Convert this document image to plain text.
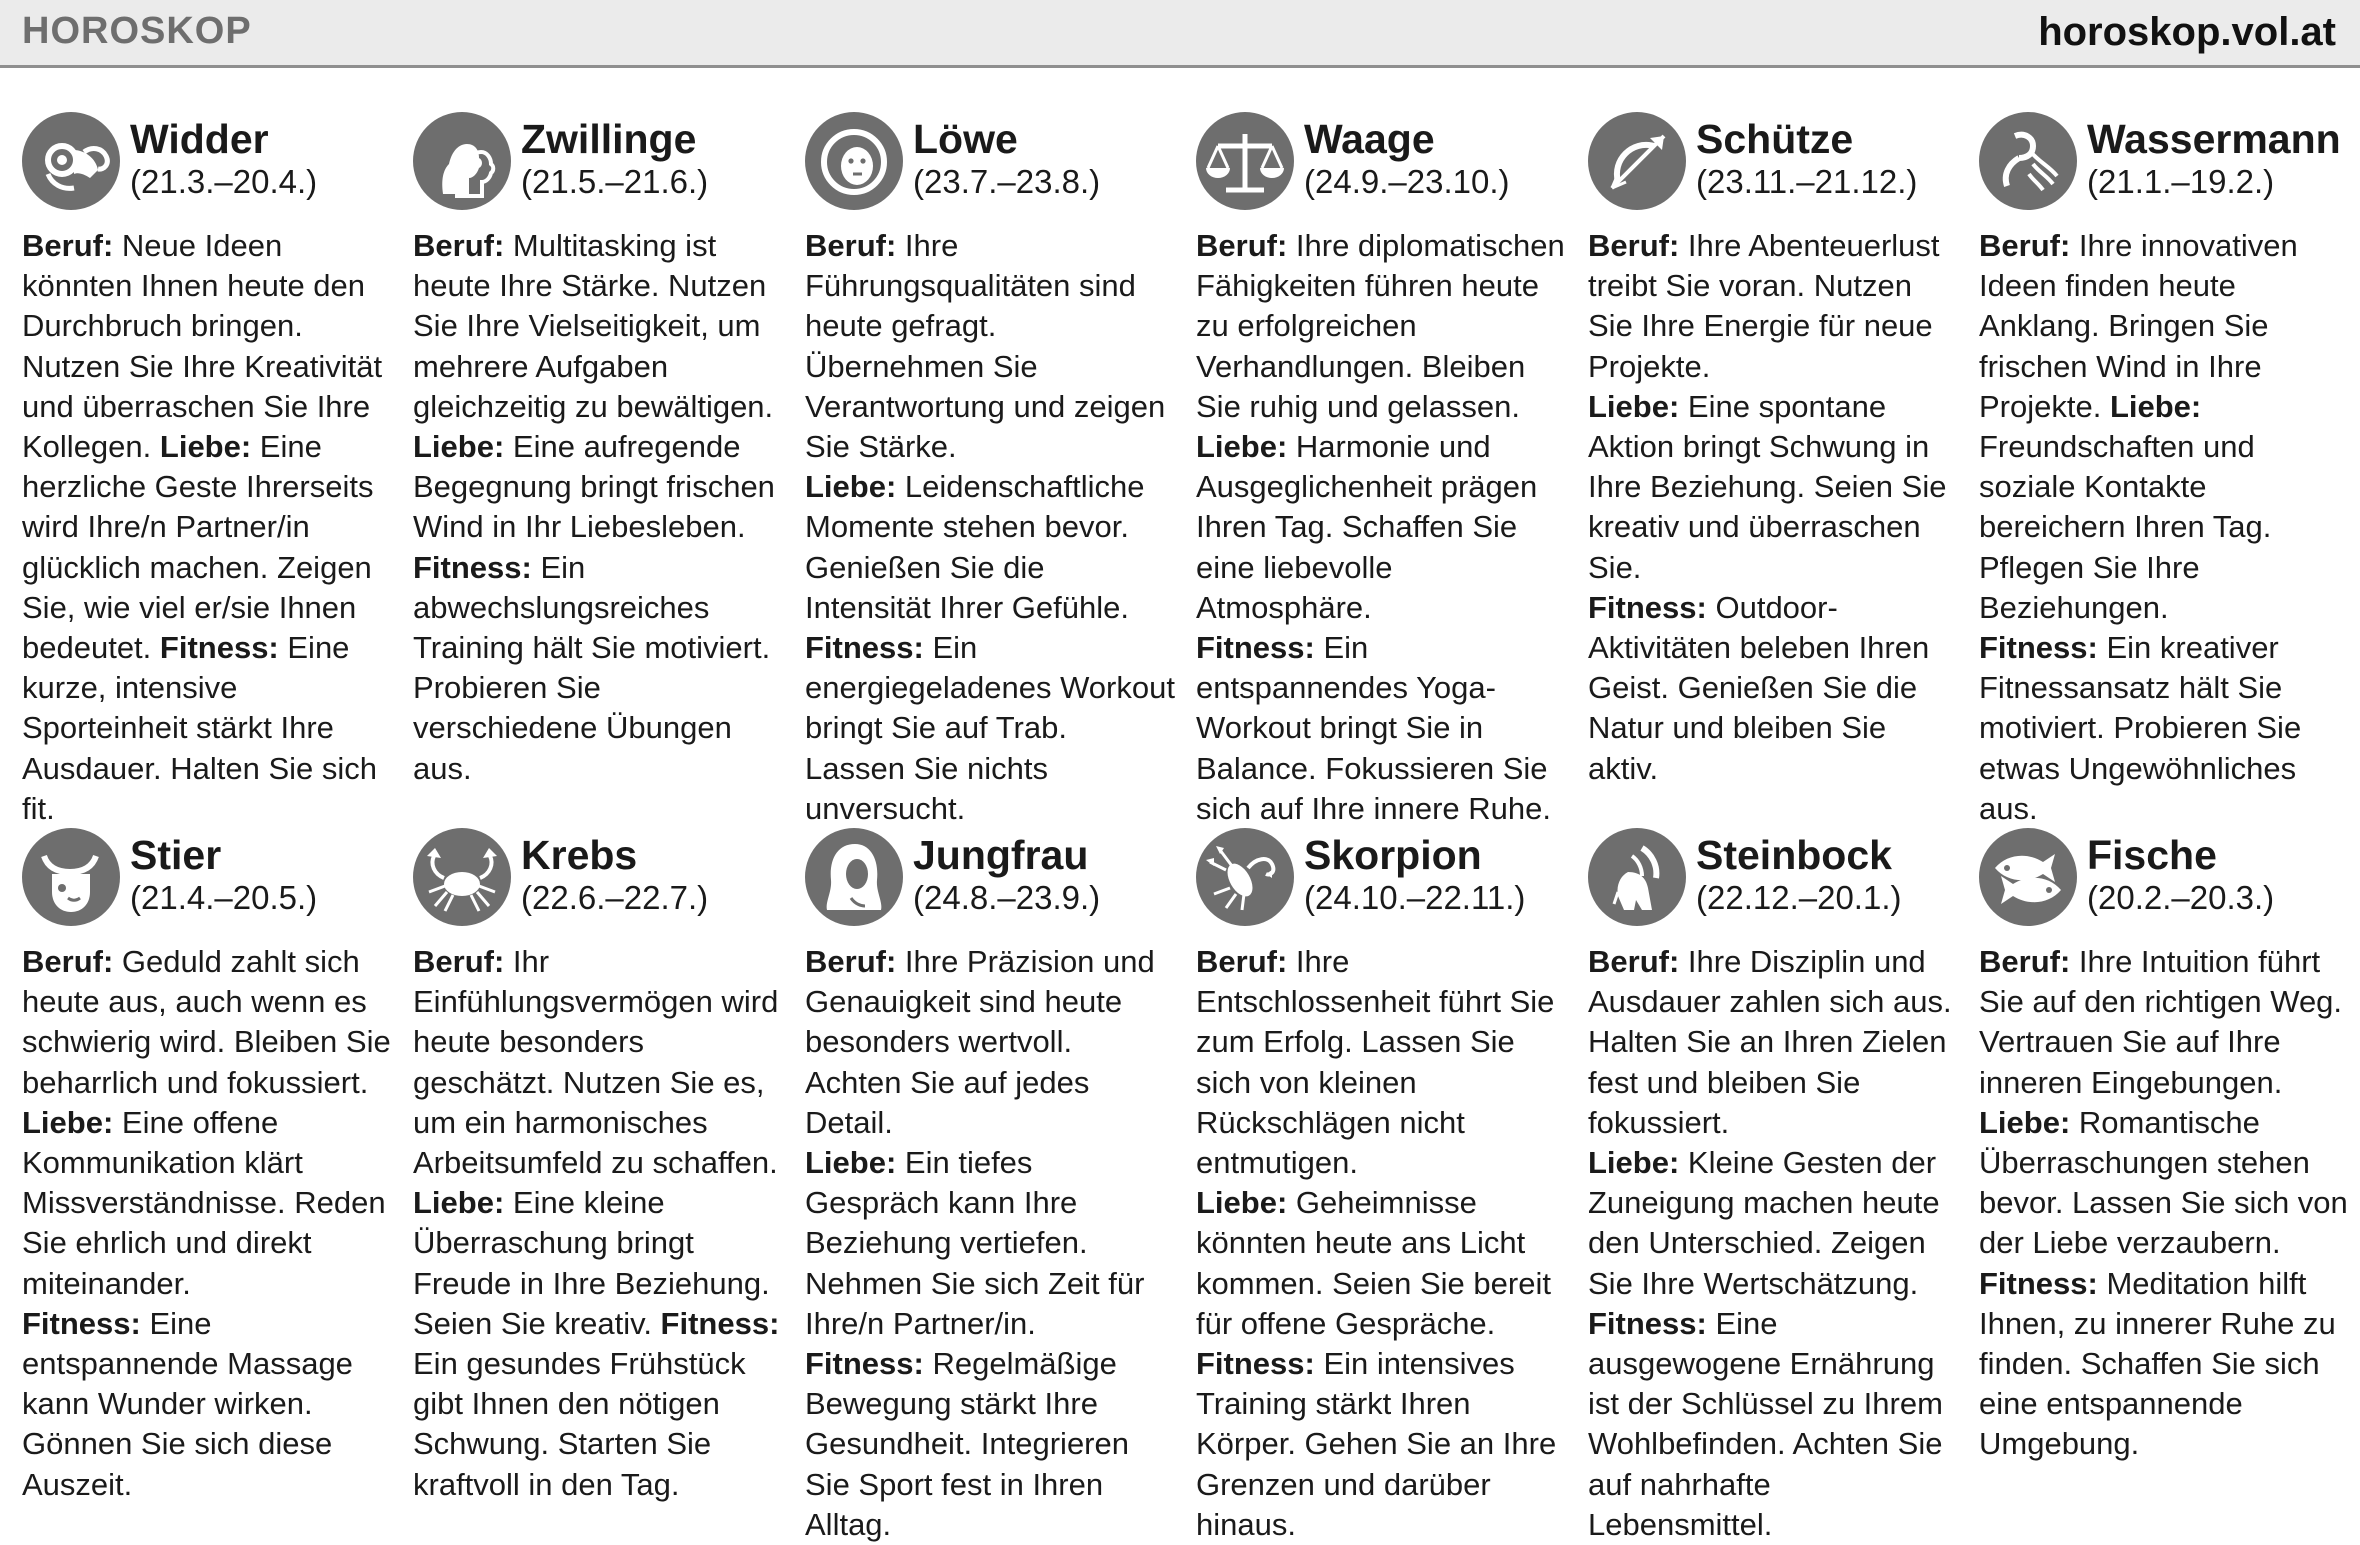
HOROSKOP	horoskop.vol.at
Widder
(21.3.–20.4.)
Beruf: Neue Ideen könnten Ihnen heute den Durchbruch bringen. Nutzen Sie Ihre Kreativität und überraschen Sie Ihre Kollegen. Liebe: Eine herzliche Geste Ihrerseits wird Ihre/n Partner/in glücklich machen. Zeigen Sie, wie viel er/sie Ihnen bedeutet. Fitness: Eine kurze, intensive Sporteinheit stärkt Ihre Ausdauer. Halten Sie sich fit.
Zwillinge
(21.5.–21.6.)
Beruf: Multitasking ist heute Ihre Stärke. Nutzen Sie Ihre Vielseitigkeit, um mehrere Aufgaben gleichzeitig zu bewältigen. Liebe: Eine aufregende Begegnung bringt frischen Wind in Ihr Liebesleben.
Fitness: Ein abwechslungsreiches Training hält Sie motiviert. Probieren Sie verschiedene Übungen aus.
Löwe
(23.7.–23.8.)
Beruf: Ihre Führungsqualitäten sind heute gefragt. Übernehmen Sie Verantwortung und zeigen Sie Stärke.
Liebe: Leidenschaftliche Momente stehen bevor. Genießen Sie die Intensität Ihrer Gefühle.
Fitness: Ein energiegeladenes Workout bringt Sie auf Trab. Lassen Sie nichts unversucht.
Waage
(24.9.–23.10.)
Beruf: Ihre diplomatischen Fähigkeiten führen heute zu erfolgreichen Verhandlungen. Bleiben Sie ruhig und gelassen.
Liebe: Harmonie und Ausgeglichenheit prägen Ihren Tag. Schaffen Sie eine liebevolle Atmosphäre.
Fitness: Ein entspannendes Yoga-Workout bringt Sie in Balance. Fokussieren Sie sich auf Ihre innere Ruhe.
Schütze
(23.11.–21.12.)
Beruf: Ihre Abenteuerlust treibt Sie voran. Nutzen Sie Ihre Energie für neue Projekte.
Liebe: Eine spontane Aktion bringt Schwung in Ihre Beziehung. Seien Sie kreativ und überraschen Sie.
Fitness: Outdoor-Aktivitäten beleben Ihren Geist. Genießen Sie die Natur und bleiben Sie aktiv.
Wassermann
(21.1.–19.2.)
Beruf: Ihre innovativen Ideen finden heute Anklang. Bringen Sie frischen Wind in Ihre Projekte. Liebe: Freundschaften und soziale Kontakte bereichern Ihren Tag. Pflegen Sie Ihre Beziehungen.
Fitness: Ein kreativer Fitnessansatz hält Sie motiviert. Probieren Sie etwas Ungewöhnliches aus.
Stier
(21.4.–20.5.)
Beruf: Geduld zahlt sich heute aus, auch wenn es schwierig wird. Bleiben Sie beharrlich und fokussiert.
Liebe: Eine offene Kommunikation klärt Missverständnisse. Reden Sie ehrlich und direkt miteinander.
Fitness: Eine entspannende Massage kann Wunder wirken. Gönnen Sie sich diese Auszeit.
Krebs
(22.6.–22.7.)
Beruf: Ihr Einfühlungsvermögen wird heute besonders geschätzt. Nutzen Sie es, um ein harmonisches Arbeitsumfeld zu schaffen.
Liebe: Eine kleine Überraschung bringt Freude in Ihre Beziehung. Seien Sie kreativ. Fitness: Ein gesundes Frühstück gibt Ihnen den nötigen Schwung. Starten Sie kraftvoll in den Tag.
Jungfrau
(24.8.–23.9.)
Beruf: Ihre Präzision und Genauigkeit sind heute besonders wertvoll. Achten Sie auf jedes Detail.
Liebe: Ein tiefes Gespräch kann Ihre Beziehung vertiefen. Nehmen Sie sich Zeit für Ihre/n Partner/in.
Fitness: Regelmäßige Bewegung stärkt Ihre Gesundheit. Integrieren Sie Sport fest in Ihren Alltag.
Skorpion
(24.10.–22.11.)
Beruf: Ihre Entschlossenheit führt Sie zum Erfolg. Lassen Sie sich von kleinen Rückschlägen nicht entmutigen.
Liebe: Geheimnisse könnten heute ans Licht kommen. Seien Sie bereit für offene Gespräche.
Fitness: Ein intensives Training stärkt Ihren Körper. Gehen Sie an Ihre Grenzen und darüber hinaus.
Steinbock
(22.12.–20.1.)
Beruf: Ihre Disziplin und Ausdauer zahlen sich aus. Halten Sie an Ihren Zielen fest und bleiben Sie fokussiert.
Liebe: Kleine Gesten der Zuneigung machen heute den Unterschied. Zeigen Sie Ihre Wertschätzung.
Fitness: Eine ausgewogene Ernährung ist der Schlüssel zu Ihrem Wohlbefinden. Achten Sie auf nahrhafte Lebensmittel.
Fische
(20.2.–20.3.)
Beruf: Ihre Intuition führt Sie auf den richtigen Weg. Vertrauen Sie auf Ihre inneren Eingebungen.
Liebe: Romantische Überraschungen stehen bevor. Lassen Sie sich von der Liebe verzaubern.
Fitness: Meditation hilft Ihnen, zu innerer Ruhe zu finden. Schaffen Sie sich eine entspannende Umgebung.
